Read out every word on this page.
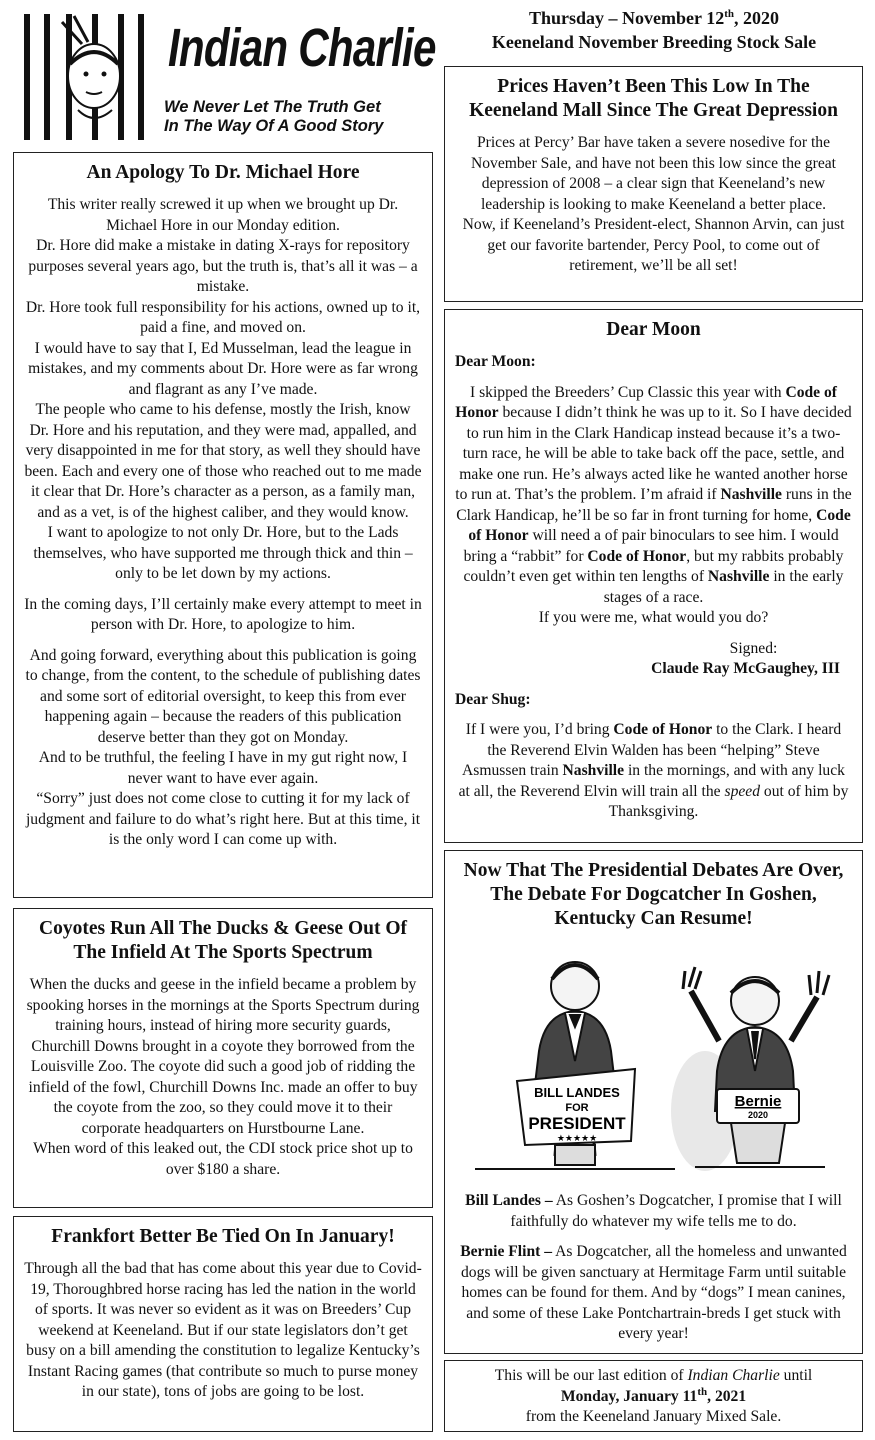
Indian Charlie
We Never Let The Truth Get
In The Way Of A Good Story
Thursday – November 12th, 2020
Keeneland November Breeding Stock Sale
An Apology To Dr. Michael Hore

This writer really screwed it up when we brought up Dr. Michael Hore in our Monday edition.

Dr. Hore did make a mistake in dating X-rays for repository purposes several years ago, but the truth is, that’s all it was – a mistake.

Dr. Hore took full responsibility for his actions, owned up to it, paid a fine, and moved on.

I would have to say that I, Ed Musselman, lead the league in mistakes, and my comments about Dr. Hore were as far wrong and flagrant as any I’ve made.

The people who came to his defense, mostly the Irish, know Dr. Hore and his reputation, and they were mad, appalled, and very disappointed in me for that story, as well they should have been. Each and every one of those who reached out to me made it clear that Dr. Hore’s character as a person, as a family man, and as a vet, is of the highest caliber, and they would know.

I want to apologize to not only Dr. Hore, but to the Lads themselves, who have supported me through thick and thin – only to be let down by my actions.

In the coming days, I’ll certainly make every attempt to meet in person with Dr. Hore, to apologize to him.

And going forward, everything about this publication is going to change, from the content, to the schedule of publishing dates and some sort of editorial oversight, to keep this from ever happening again – because the readers of this publication deserve better than they got on Monday.

And to be truthful, the feeling I have in my gut right now, I never want to have ever again.

“Sorry” just does not come close to cutting it for my lack of judgment and failure to do what’s right here. But at this time, it is the only word I can come up with.

Coyotes Run All The Ducks & Geese Out Of The Infield At The Sports Spectrum

When the ducks and geese in the infield became a problem by spooking horses in the mornings at the Sports Spectrum during training hours, instead of hiring more security guards, Churchill Downs brought in a coyote they borrowed from the Louisville Zoo. The coyote did such a good job of ridding the infield of the fowl, Churchill Downs Inc. made an offer to buy the coyote from the zoo, so they could move it to their corporate headquarters on Hurstbourne Lane.

When word of this leaked out, the CDI stock price shot up to over $180 a share.

Frankfort Better Be Tied On In January!

Through all the bad that has come about this year due to Covid-19, Thoroughbred horse racing has led the nation in the world of sports. It was never so evident as it was on Breeders’ Cup weekend at Keeneland. But if our state legislators don’t get busy on a bill amending the constitution to legalize Kentucky’s Instant Racing games (that contribute so much to purse money in our state), tons of jobs are going to be lost.

Prices Haven’t Been This Low In The Keeneland Mall Since The Great Depression

Prices at Percy’ Bar have taken a severe nosedive for the November Sale, and have not been this low since the great depression of 2008 – a clear sign that Keeneland’s new leadership is looking to make Keeneland a better place.

Now, if Keeneland’s President-elect, Shannon Arvin, can just get our favorite bartender, Percy Pool, to come out of retirement, we’ll be all set!

Dear Moon

Dear Moon:

I skipped the Breeders’ Cup Classic this year with Code of Honor because I didn’t think he was up to it. So I have decided to run him in the Clark Handicap instead because it’s a two-turn race, he will be able to take back off the pace, settle, and make one run. He’s always acted like he wanted another horse to run at. That’s the problem. I’m afraid if Nashville runs in the Clark Handicap, he’ll be so far in front turning for home, Code of Honor will need a of pair binoculars to see him. I would bring a “rabbit” for Code of Honor, but my rabbits probably couldn’t even get within ten lengths of Nashville in the early stages of a race.

If you were me, what would you do?

Signed:

Claude Ray McGaughey, III

Dear Shug:

If I were you, I’d bring Code of Honor to the Clark. I heard the Reverend Elvin Walden has been “helping” Steve Asmussen train Nashville in the mornings, and with any luck at all, the Reverend Elvin will train all the speed out of him by Thanksgiving.

Now That The Presidential Debates Are Over, The Debate For Dogcatcher In Goshen, Kentucky Can Resume!
BILL LANDES
FOR
PRESIDENT
★★★★★
Bernie
2020

Bill Landes – As Goshen’s Dogcatcher, I promise that I will faithfully do whatever my wife tells me to do.

Bernie Flint – As Dogcatcher, all the homeless and unwanted dogs will be given sanctuary at Hermitage Farm until suitable homes can be found for them. And by “dogs” I mean canines, and some of these Lake Pontchartrain-breds I get stuck with every year!

This will be our last edition of Indian Charlie until

Monday, January 11th, 2021

from the Keeneland January Mixed Sale.
